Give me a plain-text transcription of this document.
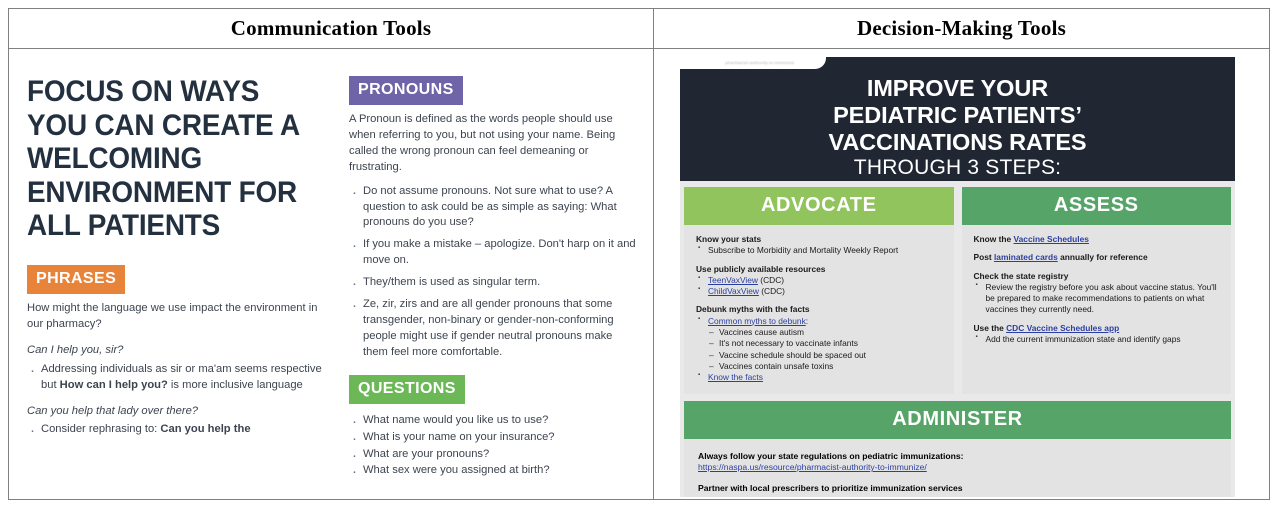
Communication Tools	Decision-Making Tools
FOCUS ON WAYS YOU CAN CREATE A WELCOMING ENVIRONMENT FOR ALL PATIENTS
PHRASES

How might the language we use impact the environment in our pharmacy?

Can I help you, sir?
· Addressing individuals as sir or ma'am seems respective but How can I help you? is more inclusive language
Can you help that lady over there?
· Consider rephrasing to: Can you help the
PRONOUNS

A Pronoun is defined as the words people should use when referring to you, but not using your name. Being called the wrong pronoun can feel demeaning or frustrating.

· Do not assume pronouns. Not sure what to use? A question to ask could be as simple as saying: What pronouns do you use?
· If you make a mistake – apologize. Don't harp on it and move on.
· They/them is used as singular term.
· Ze, zir, zirs and are all gender pronouns that some transgender, non-binary or gender-non-conforming people might use if gender neutral pronouns make them feel more comfortable.
QUESTIONS
· What name would you like us to use?
· What is your name on your insurance?
· What are your pronouns?
· What sex were you assigned at birth?
pharmacist-authority-to-immunize
IMPROVE YOUR
PEDIATRIC PATIENTS’
VACCINATIONS RATES
THROUGH 3 STEPS:
ADVOCATE
Know your stats
▪ Subscribe to Morbidity and Mortality Weekly Report
Use publicly available resources
▪ TeenVaxView (CDC)
▪ ChildVaxView (CDC)
Debunk myths with the facts
▪ Common myths to debunk:
– Vaccines cause autism
– It's not necessary to vaccinate infants
– Vaccine schedule should be spaced out
– Vaccines contain unsafe toxins
▪ Know the facts
ASSESS
Know the Vaccine Schedules
Post laminated cards annually for reference
Check the state registry
▪ Review the registry before you ask about vaccine status. You'll be prepared to make recommendations to patients on what vaccines they currently need.
Use the CDC Vaccine Schedules app
▪ Add the current immunization state and identify gaps
ADMINISTER
Always follow your state regulations on pediatric immunizations:
https://naspa.us/resource/pharmacist-authority-to-immunize/
Partner with local prescribers to prioritize immunization services
